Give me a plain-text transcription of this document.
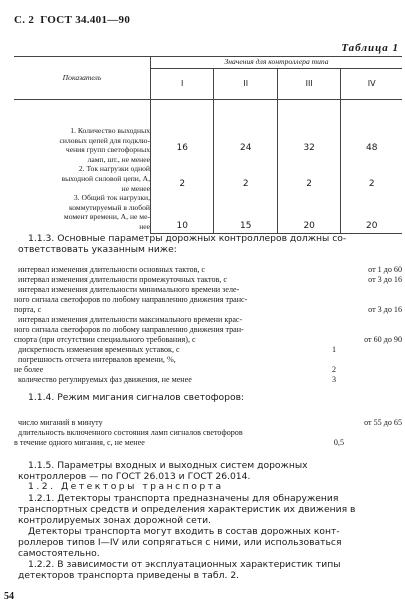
С. 2 ГОСТ 34.401—90
Таблица 1
Показатель	Значения для контроллера типа			
	I	II	III	IV

1. Количество выходных
силовых цепей для подклю-
чения групп светофорных
ламп, шт., не менее	16	24	32	48

2. Ток нагрузки одной
выходной силовой цепи, А,
не менее	2	2	2	2

3. Общий ток нагрузки,
коммутируемый в любой
момент времени, А, не ме-
нее	10	15	20	20
1.1.3. Основные параметры дорожных контроллеров должны со-
ответствовать указанным ниже:
интервал изменения длительности основных тактов, с	от 1 до 60
интервал изменения длительности промежуточных тактов, с	от 3 до 16
интервал изменения длительности минимального времени зеле-
ного сигнала светофоров по любому направлению движения транс-
порта, с	от 3 до 16
интервал изменения длительности максимального времени крас-
ного сигнала светофоров по любому направлению движения тран-
спорта (при отсутствии специального требования), с	от 60 до 90
дискретность изменения временных уставок, с	1
погрешность отсчета интервалов времени, %,
не более	2
количество регулируемых фаз движения, не менее	3
1.1.4. Режим мигания сигналов светофоров:
число миганий в минуту	от 55 до 65
длительность включенного состояния ламп сигналов светофоров
в течение одного мигания, с, не менее	0,5
1.1.5. Параметры входных и выходных систем дорожных
контроллеров — по ГОСТ 26.013 и ГОСТ 26.014.
1.2. Детекторы транспорта
1.2.1. Детекторы транспорта предназначены для обнаружения
транспортных средств и определения характеристик их движения в
контролируемых зонах дорожной сети.
Детекторы транспорта могут входить в состав дорожных конт-
роллеров типов I—IV или сопрягаться с ними, или использоваться
самостоятельно.
1.2.2. В зависимости от эксплуатационных характеристик типы
детекторов транспорта приведены в табл. 2.
54
